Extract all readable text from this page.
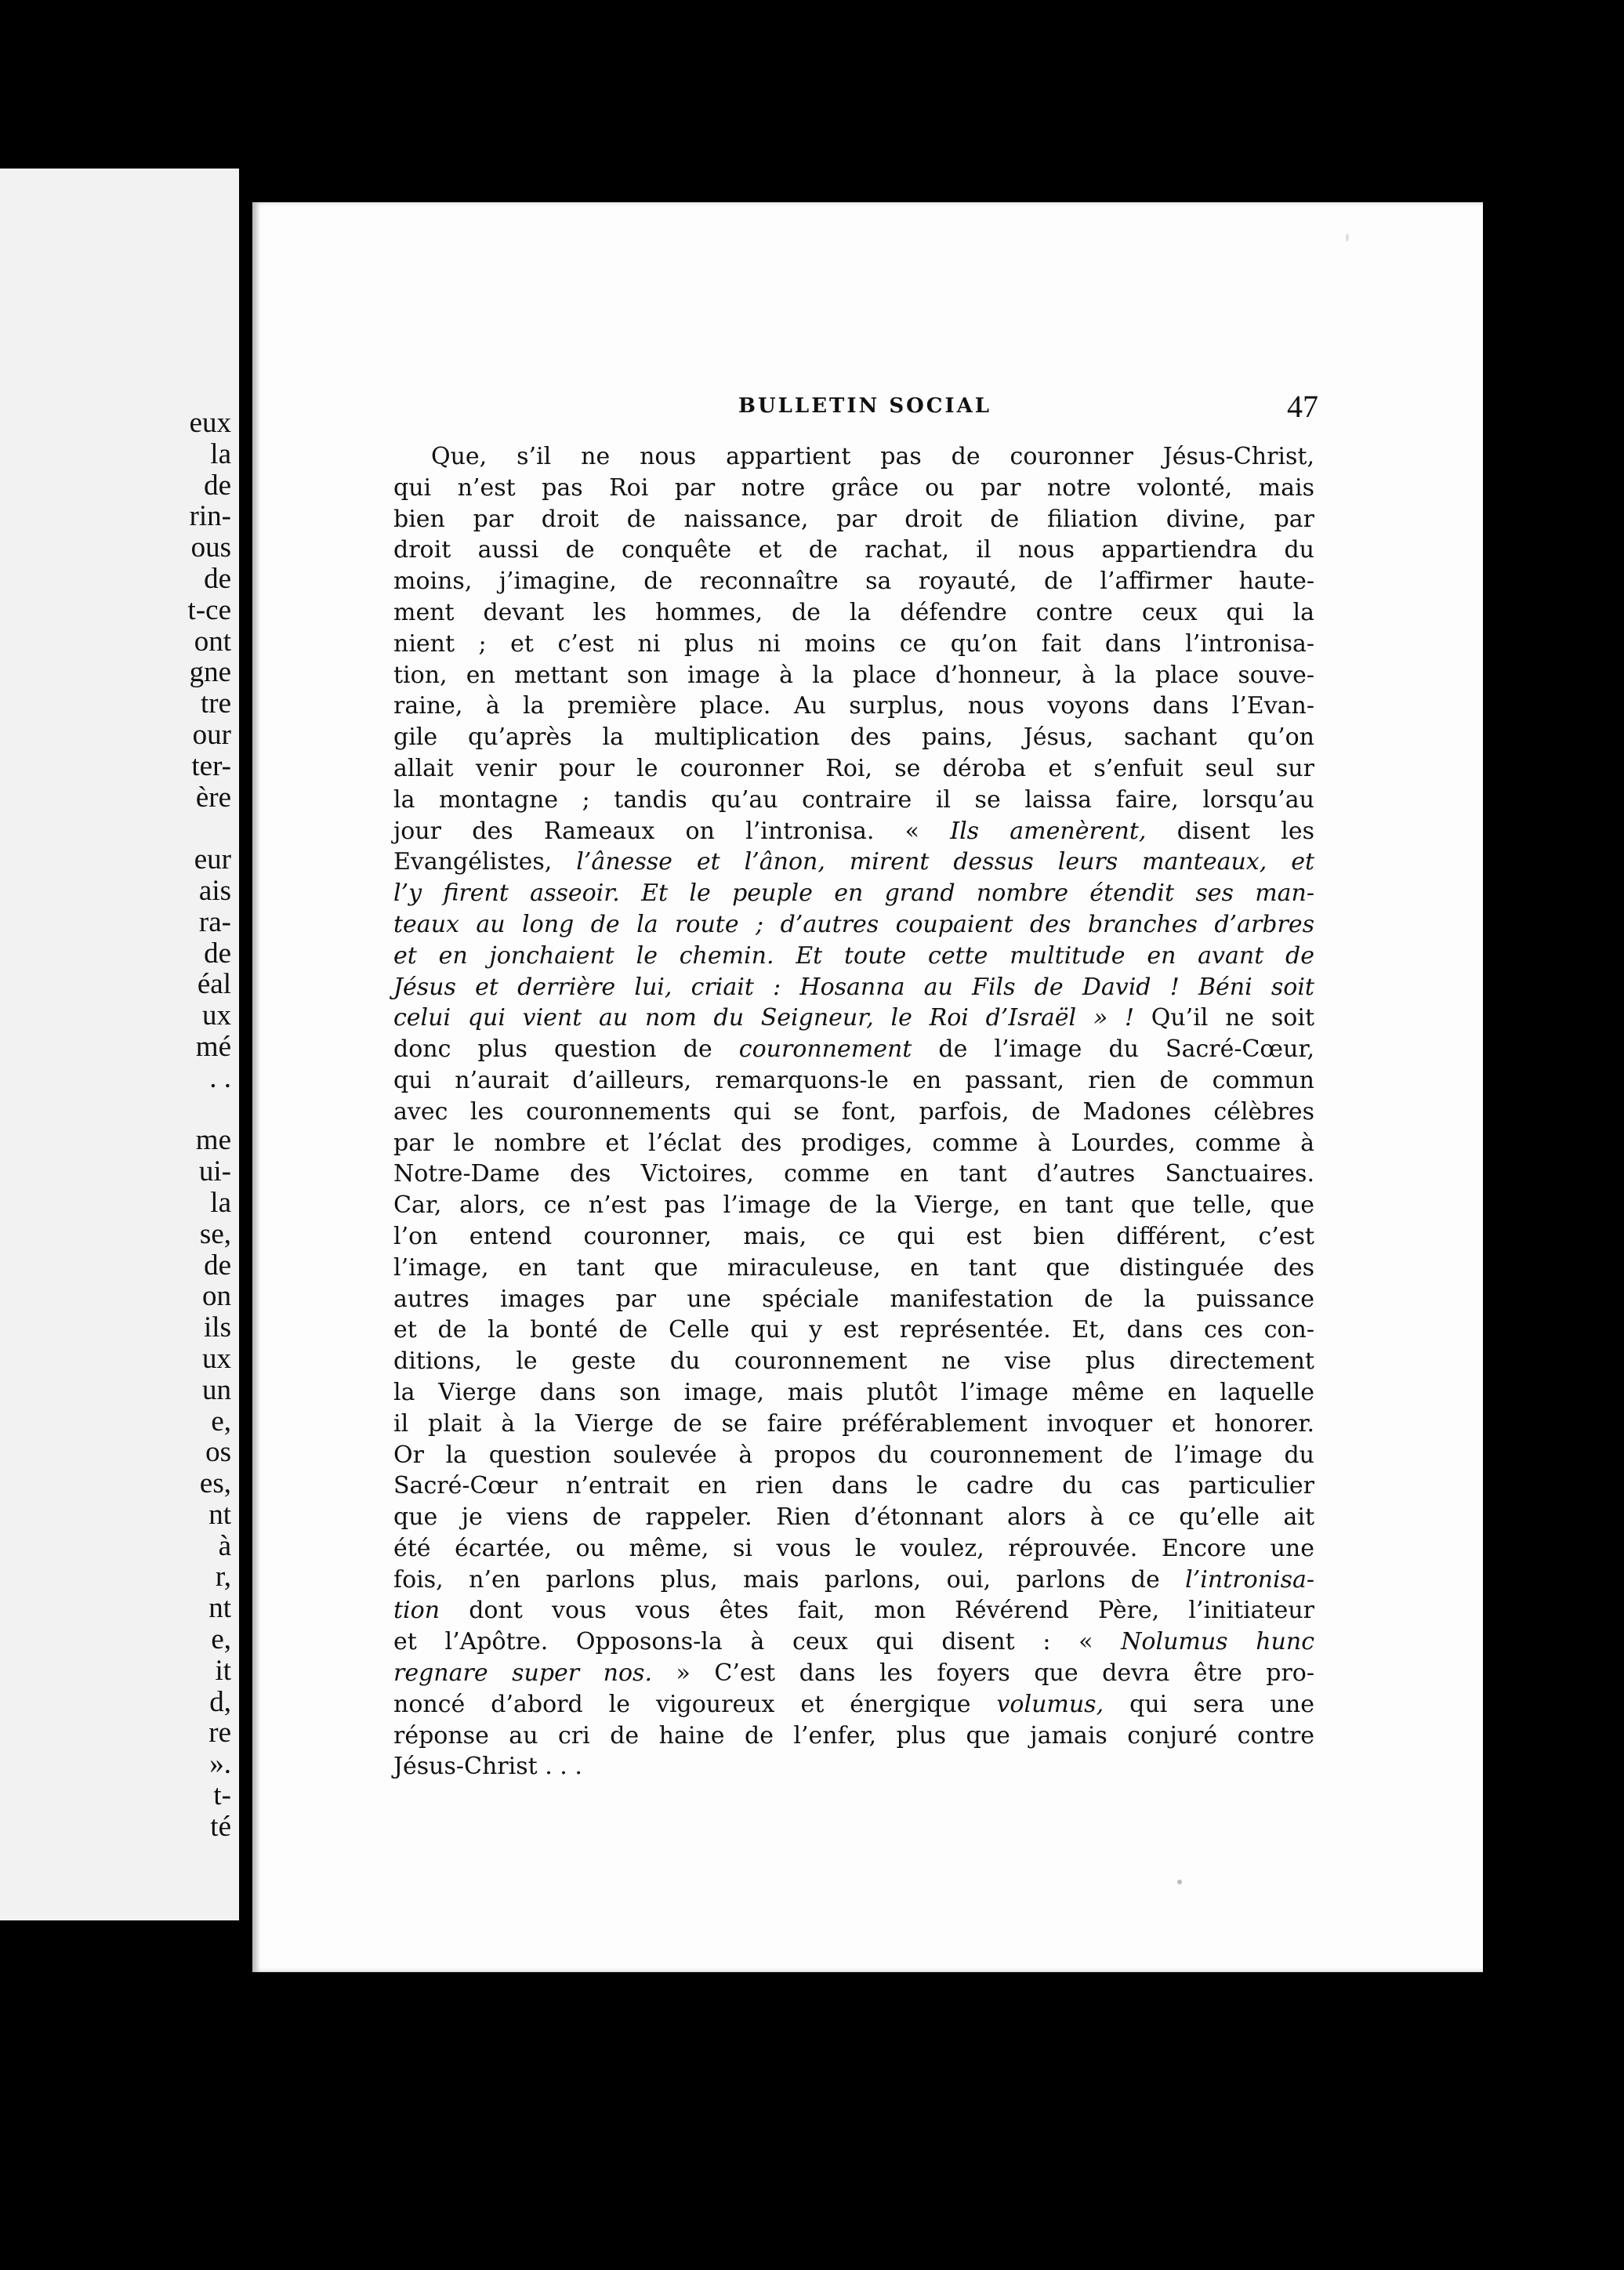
eux
la
de
rin-
ous
de
t-ce
ont
gne
tre
our
ter-
ère

eur
ais
ra-
de
éal
ux
mé
. .

me
ui-
la
se,
de
on
ils
ux
un
e,
os
es,
nt
à
r,
nt
e,
it
d,
re
».
t-
té
BULLETIN SOCIAL	47
Que, s’il ne nous appartient pas de couronner Jésus-Christ,
qui n’est pas Roi par notre grâce ou par notre volonté, mais
bien par droit de naissance, par droit de filiation divine, par
droit aussi de conquête et de rachat, il nous appartiendra du
moins, j’imagine, de reconnaître sa royauté, de l’affirmer haute-
ment devant les hommes, de la défendre contre ceux qui la
nient ; et c’est ni plus ni moins ce qu’on fait dans l’intronisa-
tion, en mettant son image à la place d’honneur, à la place souve-
raine, à la première place. Au surplus, nous voyons dans l’Evan-
gile qu’après la multiplication des pains, Jésus, sachant qu’on
allait venir pour le couronner Roi, se déroba et s’enfuit seul sur
la montagne ; tandis qu’au contraire il se laissa faire, lorsqu’au
jour des Rameaux on l’intronisa. « Ils amenèrent, disent les
Evangélistes, l’ânesse et l’ânon, mirent dessus leurs manteaux, et
l’y firent asseoir. Et le peuple en grand nombre étendit ses man-
teaux au long de la route ; d’autres coupaient des branches d’arbres
et en jonchaient le chemin. Et toute cette multitude en avant de
Jésus et derrière lui, criait : Hosanna au Fils de David ! Béni soit
celui qui vient au nom du Seigneur, le Roi d’Israël » ! Qu’il ne soit
donc plus question de couronnement de l’image du Sacré-Cœur,
qui n’aurait d’ailleurs, remarquons-le en passant, rien de commun
avec les couronnements qui se font, parfois, de Madones célèbres
par le nombre et l’éclat des prodiges, comme à Lourdes, comme à
Notre-Dame des Victoires, comme en tant d’autres Sanctuaires.
Car, alors, ce n’est pas l’image de la Vierge, en tant que telle, que
l’on entend couronner, mais, ce qui est bien différent, c’est
l’image, en tant que miraculeuse, en tant que distinguée des
autres images par une spéciale manifestation de la puissance
et de la bonté de Celle qui y est représentée. Et, dans ces con-
ditions, le geste du couronnement ne vise plus directement
la Vierge dans son image, mais plutôt l’image même en laquelle
il plait à la Vierge de se faire préférablement invoquer et honorer.
Or la question soulevée à propos du couronnement de l’image du
Sacré-Cœur n’entrait en rien dans le cadre du cas particulier
que je viens de rappeler. Rien d’étonnant alors à ce qu’elle ait
été écartée, ou même, si vous le voulez, réprouvée. Encore une
fois, n’en parlons plus, mais parlons, oui, parlons de l’intronisa-
tion dont vous vous êtes fait, mon Révérend Père, l’initiateur
et l’Apôtre. Opposons-la à ceux qui disent : « Nolumus hunc
regnare super nos. » C’est dans les foyers que devra être pro-
noncé d’abord le vigoureux et énergique volumus, qui sera une
réponse au cri de haine de l’enfer, plus que jamais conjuré contre
Jésus-Christ . . .
